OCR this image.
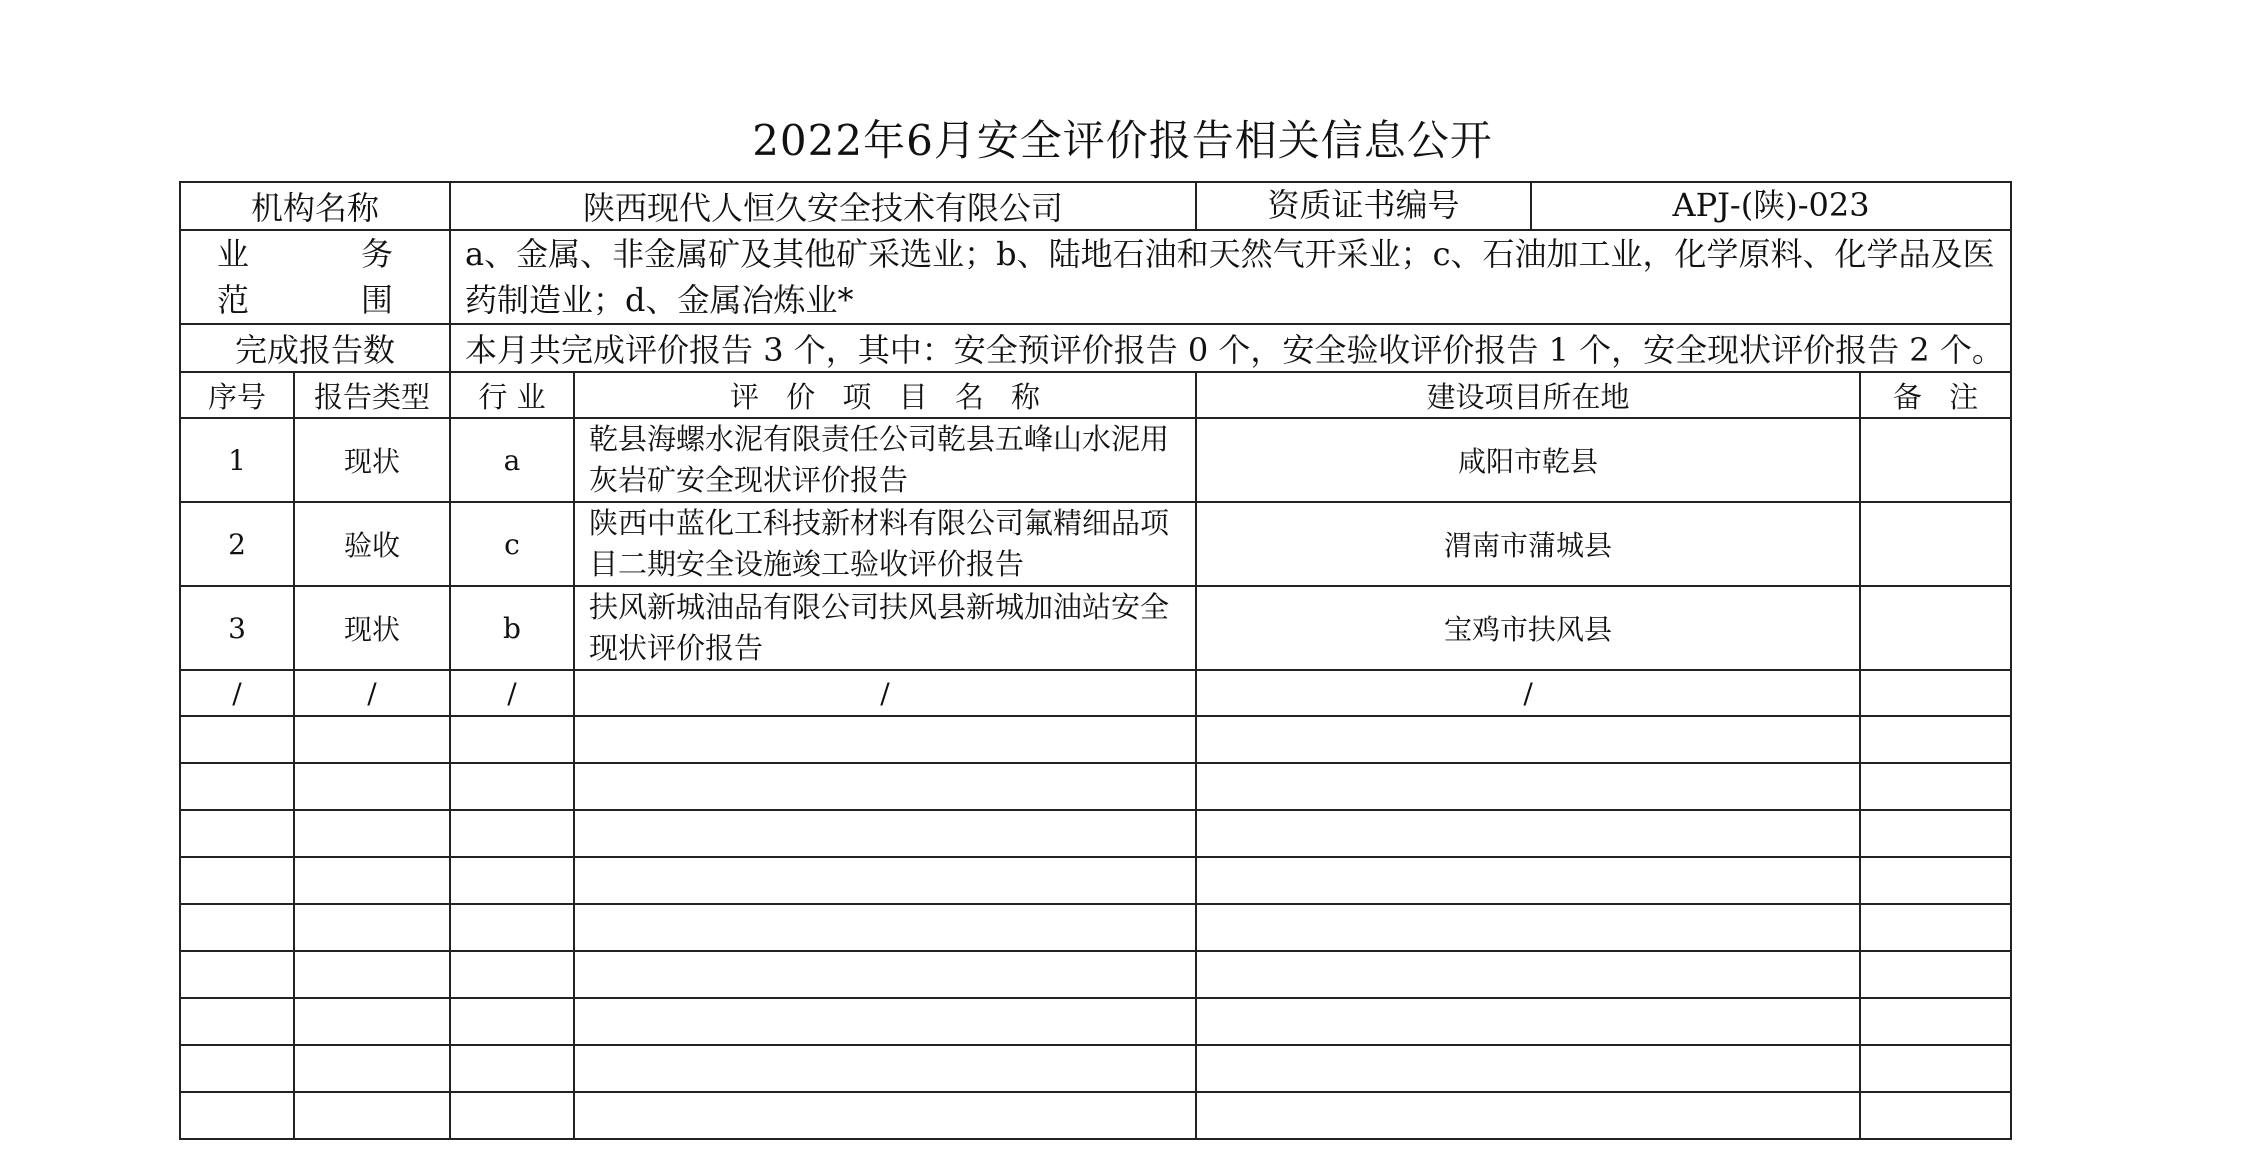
2022年6月安全评价报告相关信息公开
机构名称		陕西现代人恒久安全技术有限公司		资质证书编号 APJ-(陕)-023	

业　务
范　围		a、金属、非金属矿及其他矿采选业；b、陆地石油和天然气开采业；c、石油加工业，化学原料、化学品及医药制造业；d、金属冶炼业*			
完成报告数		本月共完成评价报告 3 个，其中：安全预评价报告 0 个，安全验收评价报告 1 个，安全现状评价报告 2 个。			
序号	报告类型	行 业	评 价 项 目 名 称	建设项目所在地	备 注
1	现状	a	乾县海螺水泥有限责任公司乾县五峰山水泥用灰岩矿安全现状评价报告	咸阳市乾县	
2	验收	c	陕西中蓝化工科技新材料有限公司氟精细品项目二期安全设施竣工验收评价报告	渭南市蒲城县	
3	现状	b	扶风新城油品有限公司扶风县新城加油站安全现状评价报告	宝鸡市扶风县	
/	/	/	/	/	
